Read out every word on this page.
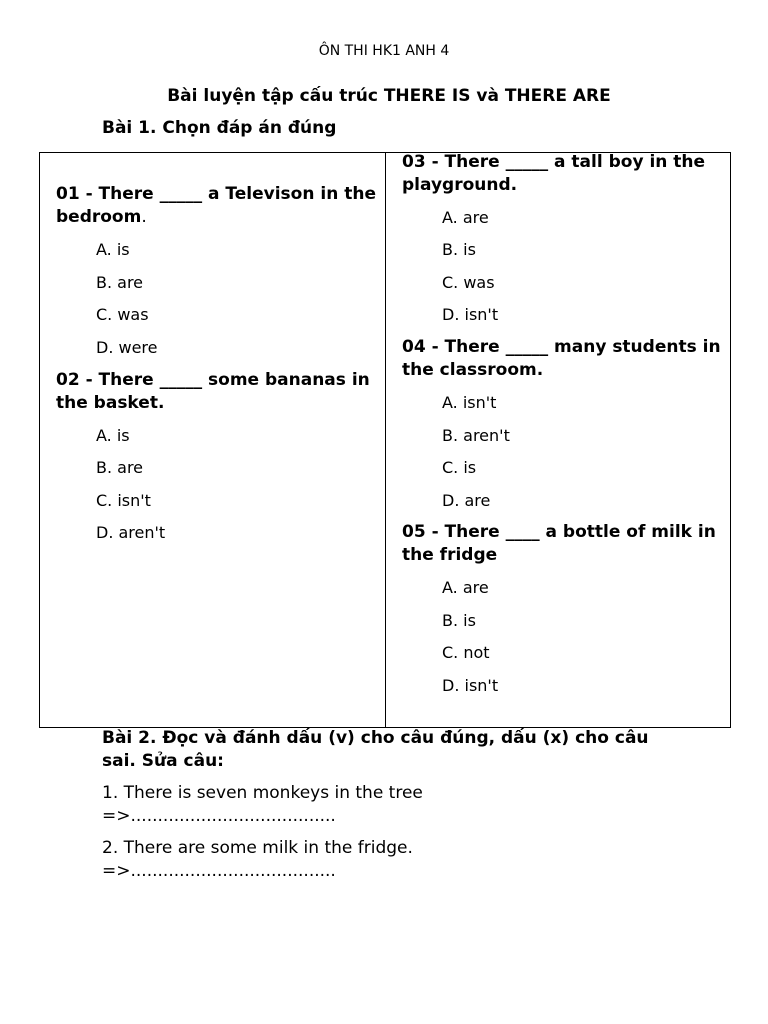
ÔN THI HK1 ANH 4
Bài luyện tập cấu trúc THERE IS và THERE ARE
Bài 1. Chọn đáp án đúng
01 - There _____ a Televison in the bedroom.
A. is
B. are
C. was
D. were
02 - There _____ some bananas in the basket.
A. is
B. are
C. isn't
D. aren't
03 - There _____ a tall boy in the playground.
A. are
B. is
C. was
D. isn't
04 - There _____ many students in the classroom.
A. isn't
B. aren't
C. is
D. are
05 - There ____ a bottle of milk in the fridge
A. are
B. is
C. not
D. isn't
Bài 2. Đọc và đánh dấu (v) cho câu đúng, dấu (x) cho câu sai. Sửa câu:
1. There is seven monkeys in the tree
=>......................................
2. There are some milk in the fridge.
=>......................................
